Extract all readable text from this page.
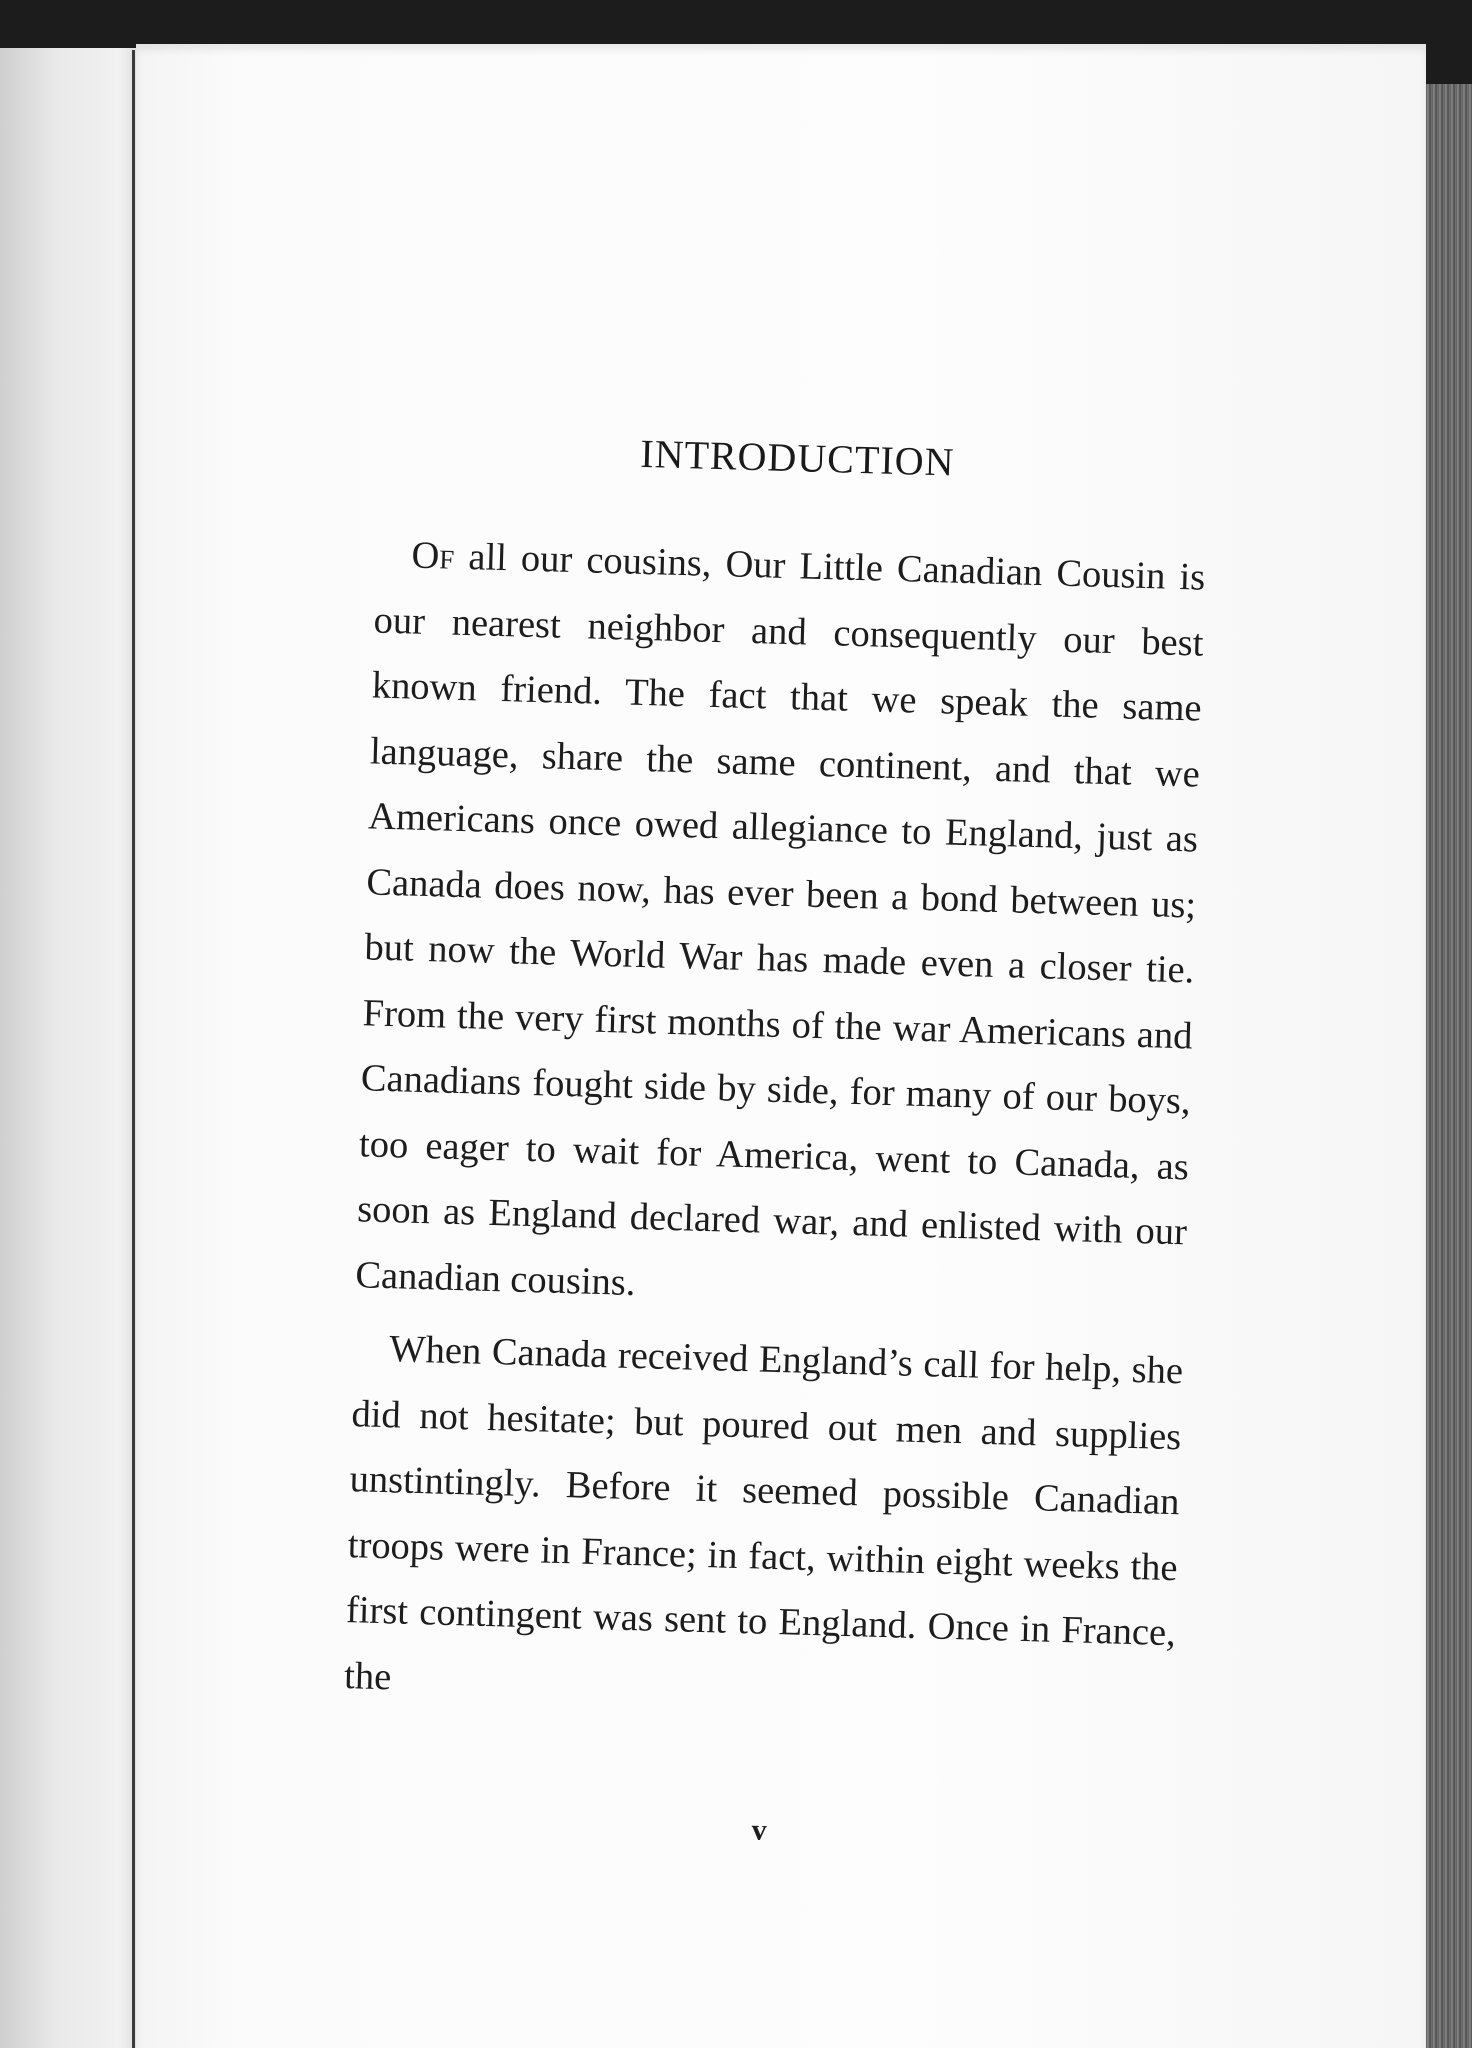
INTRODUCTION

Of all our cousins, Our Little Canadian Cousin is our nearest neighbor and consequently our best known friend. The fact that we speak the same language, share the same continent, and that we Americans once owed allegiance to England, just as Canada does now, has ever been a bond between us; but now the World War has made even a closer tie. From the very first months of the war Americans and Canadians fought side by side, for many of our boys, too eager to wait for America, went to Canada, as soon as England declared war, and enlisted with our Canadian cousins.

When Canada received England’s call for help, she did not hesitate; but poured out men and supplies unstintingly. Before it seemed possible Canadian troops were in France; in fact, within eight weeks the first contingent was sent to England. Once in France, the

v
